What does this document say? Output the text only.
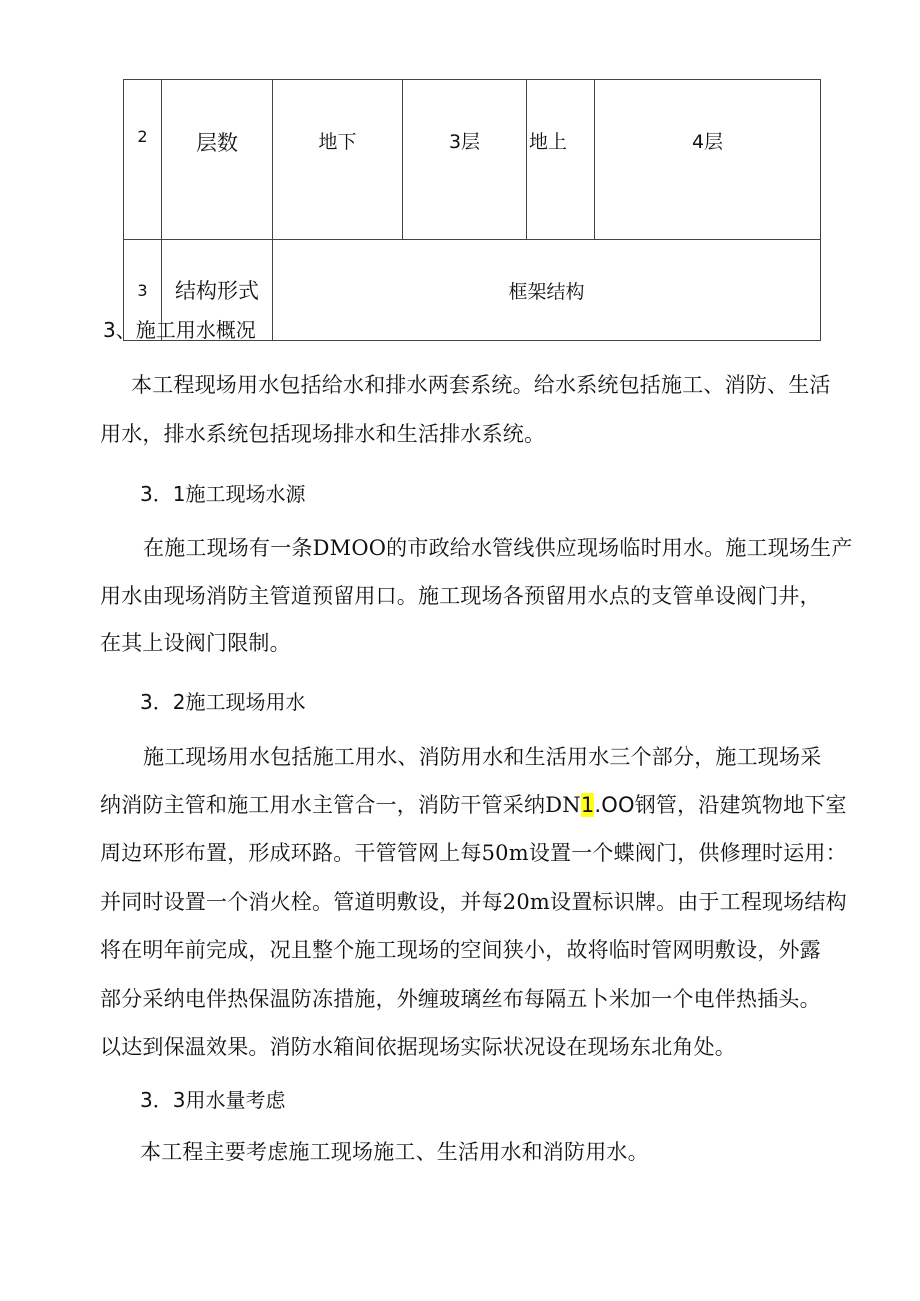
2	层数	地下	3层	地上	4层
3	结构形式	框架结构			
3、施工用水概况
本工程现场用水包括给水和排水两套系统。给水系统包括施工、消防、生活
用水，排水系统包括现场排水和生活排水系统。
3．1施工现场水源
在施工现场有一条DMOO的市政给水管线供应现场临时用水。施工现场生产
用水由现场消防主管道预留用口。施工现场各预留用水点的支管单设阀门井，
在其上设阀门限制。
3．2施工现场用水
施工现场用水包括施工用水、消防用水和生活用水三个部分，施工现场采
纳消防主管和施工用水主管合一，消防干管采纳DN1.OO钢管，沿建筑物地下室
周边环形布置，形成环路。干管管网上每50m设置一个蝶阀门，供修理时运用：
并同时设置一个消火栓。管道明敷设，并每20m设置标识牌。由于工程现场结构
将在明年前完成，况且整个施工现场的空间狭小，故将临时管网明敷设，外露
部分采纳电伴热保温防冻措施，外缠玻璃丝布每隔五卜米加一个电伴热插头。
以达到保温效果。消防水箱间依据现场实际状况设在现场东北角处。
3．3用水量考虑
本工程主要考虑施工现场施工、生活用水和消防用水。
